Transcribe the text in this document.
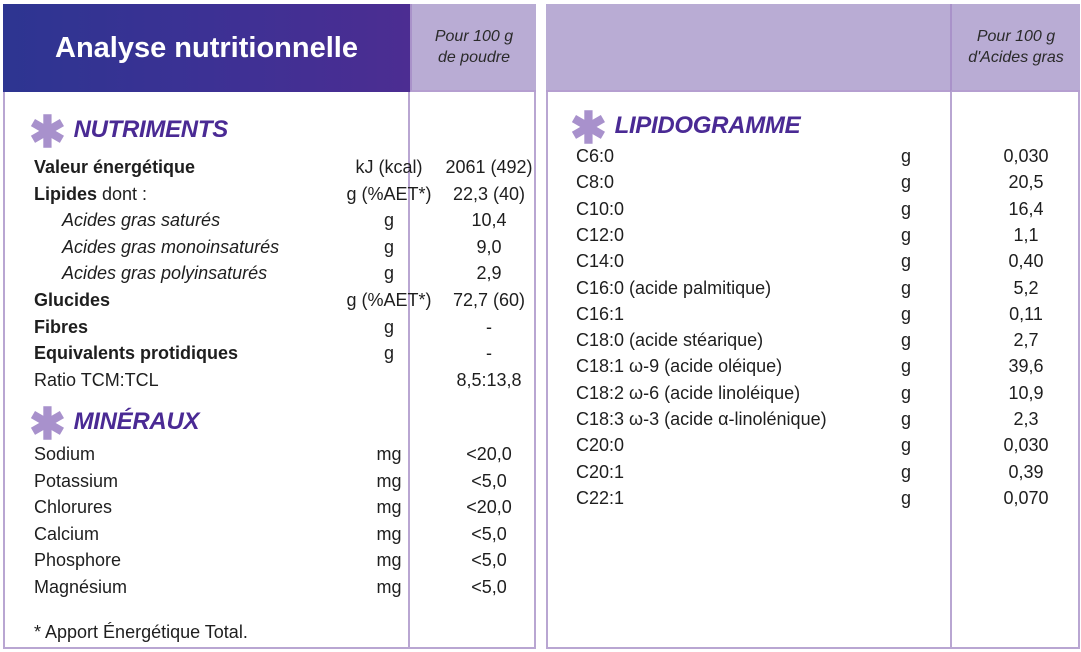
Analyse nutritionnelle	Pour 100 g
de poudre
✱ NUTRIMENTS
Valeur énergétique	kJ (kcal)	2061 (492)
Lipides dont :	g (%AET*)	22,3 (40)
Acides gras saturés	g	10,4
Acides gras monoinsaturés	g	9,0
Acides gras polyinsaturés	g	2,9
Glucides	g (%AET*)	72,7 (60)
Fibres	g	-
Equivalents protidiques	g	-
Ratio TCM:TCL	8,5:13,8
✱ MINÉRAUX
Sodium	mg	<20,0
Potassium	mg	<5,0
Chlorures	mg	<20,0
Calcium	mg	<5,0
Phosphore	mg	<5,0
Magnésium	mg	<5,0
* Apport Énergétique Total.
Pour 100 g
d'Acides gras
✱ LIPIDOGRAMME
C6:0	g	0,030
C8:0	g	20,5
C10:0	g	16,4
C12:0	g	1,1
C14:0	g	0,40
C16:0 (acide palmitique)	g	5,2
C16:1	g	0,11
C18:0 (acide stéarique)	g	2,7
C18:1 ω-9 (acide oléique)	g	39,6
C18:2 ω-6 (acide linoléique)	g	10,9
C18:3 ω-3 (acide α-linolénique)	g	2,3
C20:0	g	0,030
C20:1	g	0,39
C22:1	g	0,070
